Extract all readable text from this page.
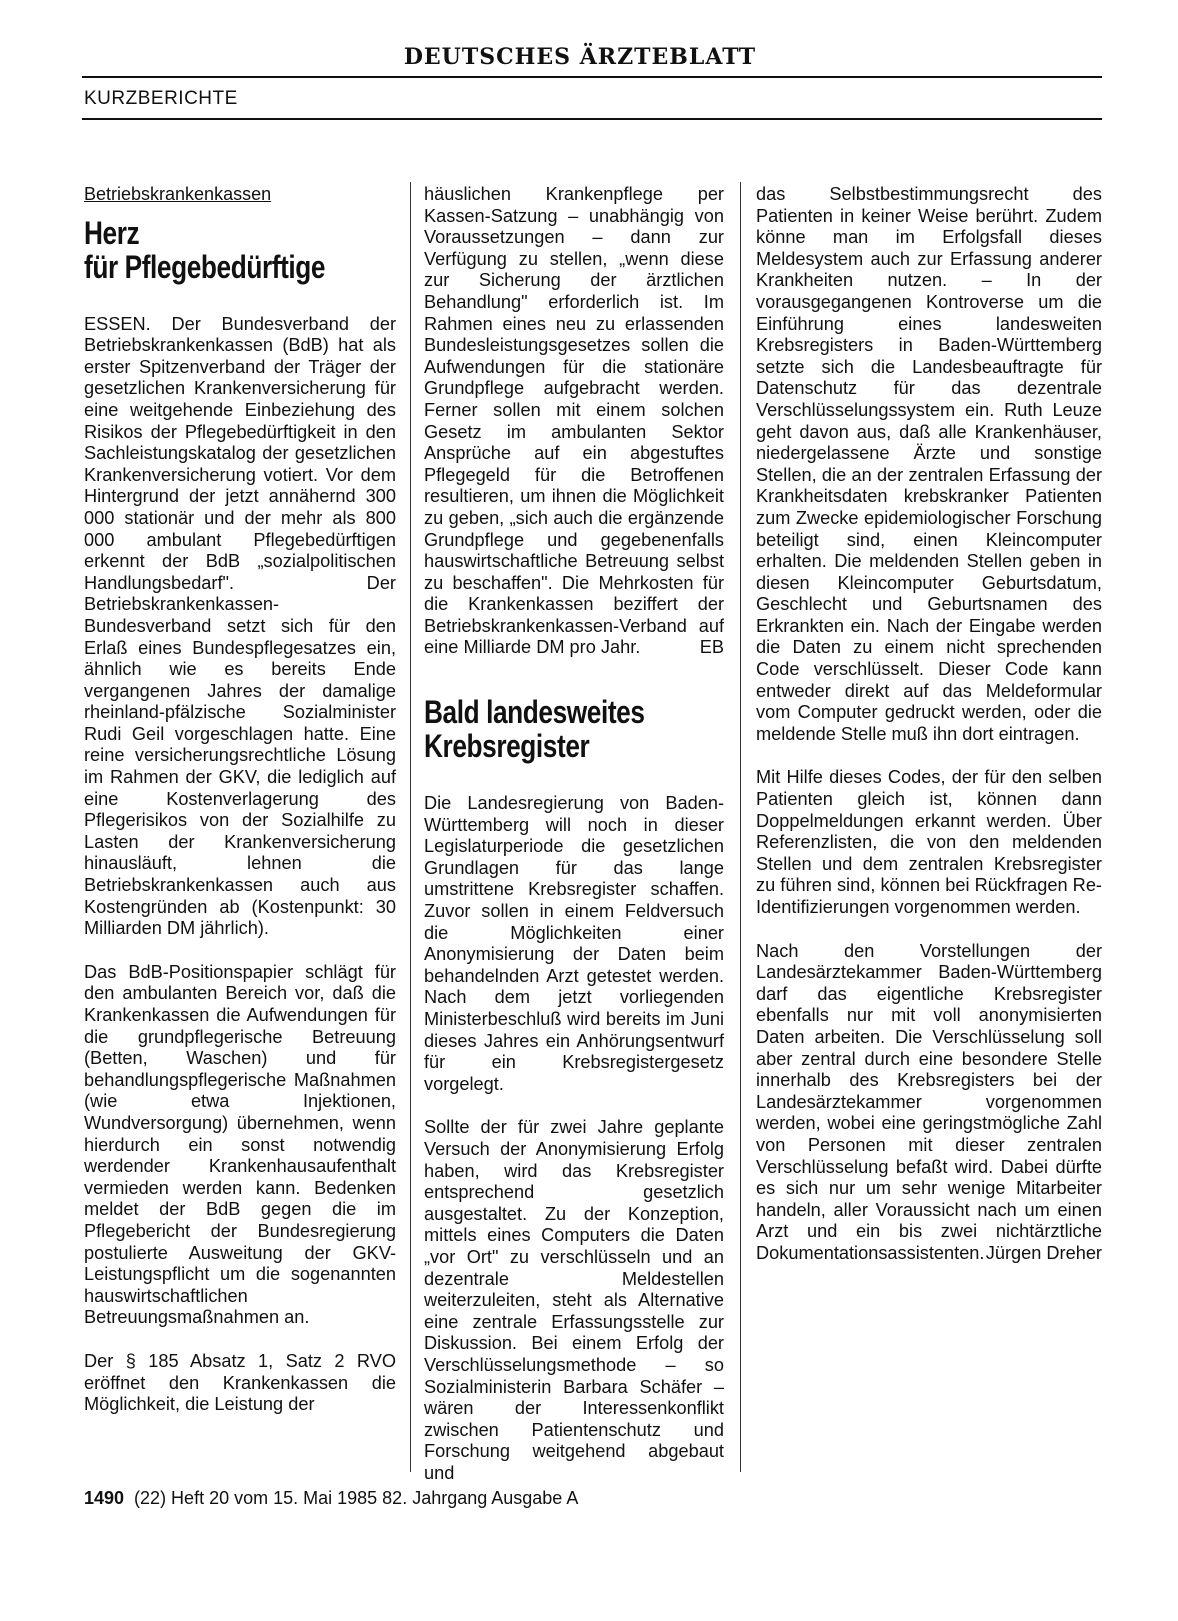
DEUTSCHES ÄRZTEBLATT
KURZBERICHTE
Betriebskrankenkassen
Herz
für Pflegebedürftige

ESSEN. Der Bundesverband der Betriebskrankenkassen (BdB) hat als erster Spitzenverband der Träger der gesetzlichen Krankenversicherung für eine weitgehende Einbeziehung des Risikos der Pflegebedürftigkeit in den Sachleistungskatalog der gesetzlichen Krankenversicherung votiert. Vor dem Hintergrund der jetzt annähernd 300 000 stationär und der mehr als 800 000 ambulant Pflegebedürftigen erkennt der BdB „sozialpolitischen Handlungsbedarf". Der Betriebskrankenkassen-Bundesverband setzt sich für den Erlaß eines Bundespflegesatzes ein, ähnlich wie es bereits Ende vergangenen Jahres der damalige rheinland-pfälzische Sozialminister Rudi Geil vorgeschlagen hatte. Eine reine versicherungsrechtliche Lösung im Rahmen der GKV, die lediglich auf eine Kostenverlagerung des Pflegerisikos von der Sozialhilfe zu Lasten der Krankenversicherung hinausläuft, lehnen die Betriebskrankenkassen auch aus Kostengründen ab (Kostenpunkt: 30 Milliarden DM jährlich).

Das BdB-Positionspapier schlägt für den ambulanten Bereich vor, daß die Krankenkassen die Aufwendungen für die grundpflegerische Betreuung (Betten, Waschen) und für behandlungspflegerische Maßnahmen (wie etwa Injektionen, Wundversorgung) übernehmen, wenn hierdurch ein sonst notwendig werdender Krankenhausaufenthalt vermieden werden kann. Bedenken meldet der BdB gegen die im Pflegebericht der Bundesregierung postulierte Ausweitung der GKV-Leistungspflicht um die sogenannten hauswirtschaftlichen Betreuungsmaßnahmen an.

Der § 185 Absatz 1, Satz 2 RVO eröffnet den Krankenkassen die Möglichkeit, die Leistung der

häuslichen Krankenpflege per Kassen-Satzung – unabhängig von Voraussetzungen – dann zur Verfügung zu stellen, „wenn diese zur Sicherung der ärztlichen Behandlung" erforderlich ist. Im Rahmen eines neu zu erlassenden Bundesleistungsgesetzes sollen die Aufwendungen für die stationäre Grundpflege aufgebracht werden. Ferner sollen mit einem solchen Gesetz im ambulanten Sektor Ansprüche auf ein abgestuftes Pflegegeld für die Betroffenen resultieren, um ihnen die Möglichkeit zu geben, „sich auch die ergänzende Grundpflege und gegebenenfalls hauswirtschaftliche Betreuung selbst zu beschaffen". Die Mehrkosten für die Krankenkassen beziffert der Betriebskrankenkassen-Verband auf eine Milliarde DM pro Jahr.	EB

Bald landesweites
Krebsregister

Die Landesregierung von Baden-Württemberg will noch in dieser Legislaturperiode die gesetzlichen Grundlagen für das lange umstrittene Krebsregister schaffen. Zuvor sollen in einem Feldversuch die Möglichkeiten einer Anonymisierung der Daten beim behandelnden Arzt getestet werden. Nach dem jetzt vorliegenden Ministerbeschluß wird bereits im Juni dieses Jahres ein Anhörungsentwurf für ein Krebsregistergesetz vorgelegt.

Sollte der für zwei Jahre geplante Versuch der Anonymisierung Erfolg haben, wird das Krebsregister entsprechend gesetzlich ausgestaltet. Zu der Konzeption, mittels eines Computers die Daten „vor Ort" zu verschlüsseln und an dezentrale Meldestellen weiterzuleiten, steht als Alternative eine zentrale Erfassungsstelle zur Diskussion. Bei einem Erfolg der Verschlüsselungsmethode – so Sozialministerin Barbara Schäfer – wären der Interessenkonflikt zwischen Patientenschutz und Forschung weitgehend abgebaut und

das Selbstbestimmungsrecht des Patienten in keiner Weise berührt. Zudem könne man im Erfolgsfall dieses Meldesystem auch zur Erfassung anderer Krankheiten nutzen. – In der vorausgegangenen Kontroverse um die Einführung eines landesweiten Krebsregisters in Baden-Württemberg setzte sich die Landesbeauftragte für Datenschutz für das dezentrale Verschlüsselungssystem ein. Ruth Leuze geht davon aus, daß alle Krankenhäuser, niedergelassene Ärzte und sonstige Stellen, die an der zentralen Erfassung der Krankheitsdaten krebskranker Patienten zum Zwecke epidemiologischer Forschung beteiligt sind, einen Kleincomputer erhalten. Die meldenden Stellen geben in diesen Kleincomputer Geburtsdatum, Geschlecht und Geburtsnamen des Erkrankten ein. Nach der Eingabe werden die Daten zu einem nicht sprechenden Code verschlüsselt. Dieser Code kann entweder direkt auf das Meldeformular vom Computer gedruckt werden, oder die meldende Stelle muß ihn dort eintragen.

Mit Hilfe dieses Codes, der für den selben Patienten gleich ist, können dann Doppelmeldungen erkannt werden. Über Referenzlisten, die von den meldenden Stellen und dem zentralen Krebsregister zu führen sind, können bei Rückfragen Re-Identifizierungen vorgenommen werden.

Nach den Vorstellungen der Landesärztekammer Baden-Württemberg darf das eigentliche Krebsregister ebenfalls nur mit voll anonymisierten Daten arbeiten. Die Verschlüsselung soll aber zentral durch eine besondere Stelle innerhalb des Krebsregisters bei der Landesärztekammer vorgenommen werden, wobei eine geringstmögliche Zahl von Personen mit dieser zentralen Verschlüsselung befaßt wird. Dabei dürfte es sich nur um sehr wenige Mitarbeiter handeln, aller Voraussicht nach um einen Arzt und ein bis zwei nichtärztliche Dokumentationsassistenten. Jürgen Dreher

1490 (22) Heft 20 vom 15. Mai 1985 82. Jahrgang Ausgabe A
